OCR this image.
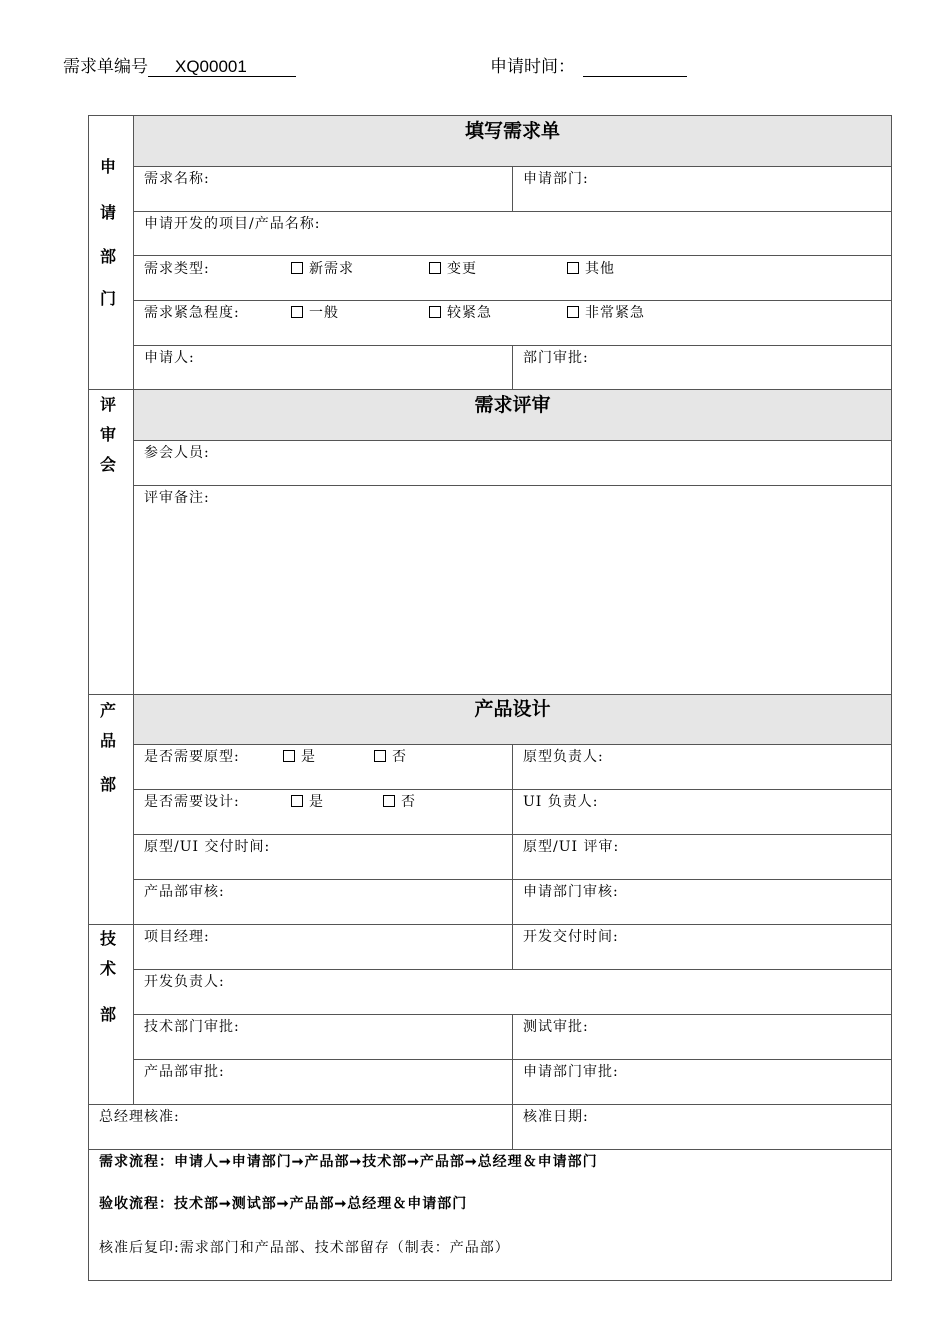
需求单编号 XQ00001	申请时间：
申
请
部
门
填写需求单
需求名称:	申请部门:
申请开发的项目/产品名称:
需求类型:	新需求	变更	其他
需求紧急程度:	一般	较紧急	非常紧急
申请人:	部门审批:
评
审
会
需求评审
参会人员:
评审备注:
产
品
部
产品设计
是否需要原型:	是	否	原型负责人:
是否需要设计:	是	否	UI 负责人:
原型/UI 交付时间:	原型/UI 评审:
产品部审核:	申请部门审核:
技
术
部
项目经理:	开发交付时间:
开发负责人:
技术部门审批:	测试审批:
产品部审批:	申请部门审批:
总经理核准:	核准日期:
需求流程：申请人➞申请部门➞产品部➞技术部➞产品部➞总经理＆申请部门
验收流程：技术部➞测试部➞产品部➞总经理＆申请部门
核准后复印:需求部门和产品部、技术部留存（制表：产品部）
